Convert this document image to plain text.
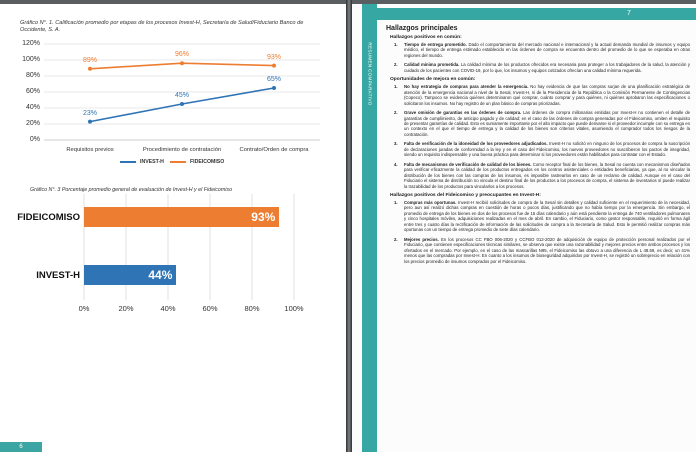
Gráfico N°. 1. Calificación promedio por etapas de los procesos Invest-H, Secretaría de Salud/Fiduciario Banco de Occidente, S. A.
0%
20%
40%
60%
80%
100%
120%
Requisitos previos	Procedimiento de contratación	Contrato/Orden de compra
23%
45%
65%
89%
96%	93%
INVEST-H	FIDEICOMISO
Gráfico N°. 3 Porcentaje promedio general de evaluación de Invest-H y el Fideicomiso
FIDEICOMISO
INVEST-H
93%
44%
0%	20%	40%	60%	80%	100%
6
RESUMEN COMPARATIVO
7
Hallazgos principales
Hallazgos positivos en común:
1.	Tiempo de entrega prometido. Dado el comportamiento del mercado nacional e internacional y la actual demanda mundial de insumos y equipo médico, el tiempo de entrega estimado establecido en las órdenes de compra se encuentra dentro del promedio de lo que se esperaba en otras regiones del mundo.
2.	Calidad mínima prometida. La calidad mínima de los productos ofrecidos era necesaria para proteger a los trabajadores de la salud, la atención y cuidado de los pacientes con COVID-19, por lo que, los insumos y equipos cotizados ofrecían una calidad mínima requerida.
Oportunidades de mejora en común:
1.	No hay estrategia de compras para atender la emergencia. No hay evidencia de que las compras surjan de una planificación estratégica de atención de la emergencia nacional a nivel de la Sesal, Invest-H, ni de la Presidencia de la República o la Comisión Permanente de Contingencias (Copeco). Tampoco se evidencia quiénes determinaron qué comprar, cuánto comprar y para quiénes, ni quiénes aprobaron las especificaciones o solicitaron los insumos. No hay registro de un plan básico de compras priorizadas.
2.	Grave omisión de garantías en las órdenes de compra. Las órdenes de compra millonarias emitidas por Invest-H no contienen el detalle de garantías de cumplimiento, de anticipo pagado y de calidad; en el caso de las órdenes de compra generadas por el Fideicomiso, omiten el requisito de presentar garantías de calidad. Esto es sumamente importante por el alto impacto que puede derivarse si el proveedor incumple con su entrega en un contexto en el que el tiempo de entrega y la calidad de los bienes son criterios vitales, asumiendo el comprador todos los riesgos de la contratación.
3.	Falta de verificación de la idoneidad de los proveedores adjudicados. Invest-H no solicitó en ninguno de los procesos de compra la suscripción de declaraciones juradas de conformidad a la ley y en el caso del Fideicomiso, los nuevos proveedores no suscribieron los pactos de integridad, siendo un requisito indispensable y una buena práctica para determinar si los proveedores están habilitados para contratar con el Estado.
4.	Falta de mecanismos de verificación de calidad de los bienes. Como receptor final de los bienes, la Sesal no cuenta con mecanismos diseñados para verificar eficazmente la calidad de los productos entregados en los centros asistenciales o entidades beneficiarias, ya que, al no vincular la distribución de los bienes con las compras de los insumos, es imposible rastrearlos en caso de un reclamo de calidad. Aunque en el caso del Fiduciario el sistema de distribución no vincula el destino final de los productos a los procesos de compra, el sistema de inventarios sí puede realizar la trazabilidad de los productos para vincularlos a los procesos.
Hallazgos positivos del Fideicomiso y preocupantes en Invest-H:
1.	Compras más oportunas. Invest-H recibió solicitudes de compra de la Sesal sin detalles y calidad suficiente en el requerimiento de la necesidad, pero aun así realizó dichas compras en cuestión de horas o pocos días, justificando que no había tiempo por la emergencia. Sin embargo, el promedio de entrega de los bienes en dos de los procesos fue de 15 días calendario y aún está pendiente la entrega de 740 ventiladores pulmonares y cinco hospitales móviles, adquisiciones realizadas en el mes de abril. En cambio, el Fiduciario, como gestor responsable, requirió en forma ágil entre tres y cuatro días la rectificación de información de las solicitudes de compra a la Secretaría de Salud. Esto le permitió realizar compras más oportunas con un tiempo de entrega promedio de siete días calendario.
2.	Mejores precios. En los procesos CC FBO 006-2020 y CCFBO 012-2020 de adquisición de equipo de protección personal realizados por el Fiduciario, que contienen especificaciones técnicas similares, se observa que existe una razonabilidad y mejores precios entre ambos procesos y los ofertados en el mercado. Por ejemplo, en el caso de las mascarillas N95, el Fideicomiso las obtuvo a una diferencia de L 48.59, es decir, un 41% menos que las compradas por Invest-H. En cuanto a los insumos de bioseguridad adquiridos por Invest-H, se registró un sobreprecio en relación con los precios promedio de insumos comprados por el Fideicomiso.
